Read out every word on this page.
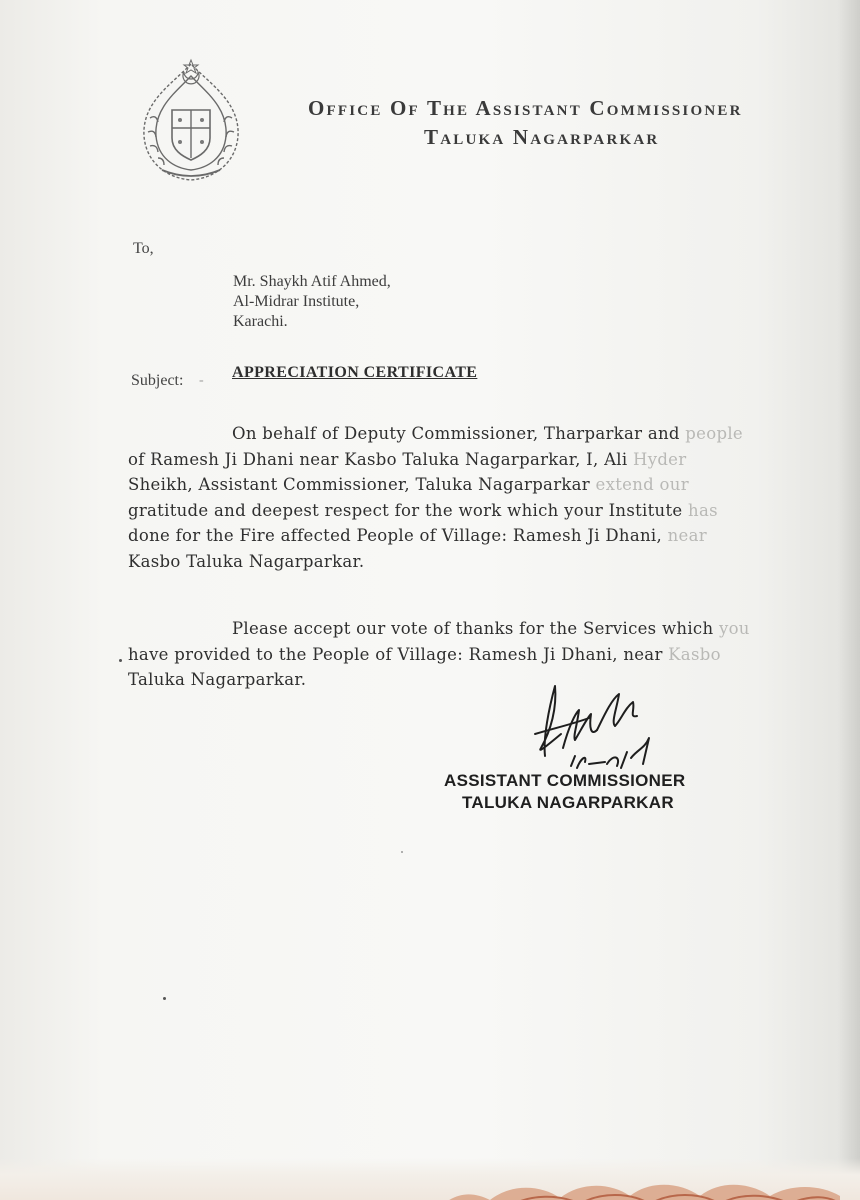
Office Of The Assistant Commissioner
Taluka Nagarparkar
To,
Mr. Shaykh Atif Ahmed,
Al-Midrar Institute,
Karachi.
Subject: - APPRECIATION CERTIFICATE
On behalf of Deputy Commissioner, Tharparkar and people
of Ramesh Ji Dhani near Kasbo Taluka Nagarparkar, I, Ali Hyder
Sheikh, Assistant Commissioner, Taluka Nagarparkar extend our
gratitude and deepest respect for the work which your Institute has
done for the Fire affected People of Village: Ramesh Ji Dhani, near
Kasbo Taluka Nagarparkar.
Please accept our vote of thanks for the Services which you
have provided to the People of Village: Ramesh Ji Dhani, near Kasbo
Taluka Nagarparkar.
ASSISTANT COMMISSIONER
TALUKA NAGARPARKAR
